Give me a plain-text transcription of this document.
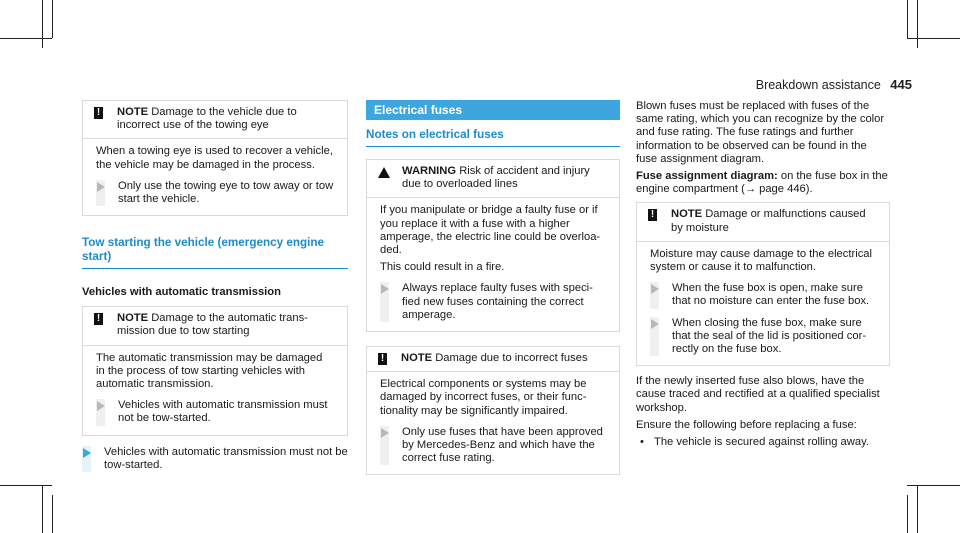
Breakdown assistance 445
! NOTE Damage to the vehicle due to incorrect use of the towing eye

When a towing eye is used to recover a vehicle, the vehicle may be damaged in the process.

Only use the towing eye to tow away or tow start the vehicle.
Tow starting the vehicle (emergency engine start)
Vehicles with automatic transmission
! NOTE Damage to the automatic transmission due to tow starting

The automatic transmission may be damaged in the process of tow starting vehicles with automatic transmission.

Vehicles with automatic transmission must not be tow-started.
Vehicles with automatic transmission must not be tow-started.
Electrical fuses
Notes on electrical fuses
WARNING Risk of accident and injury due to overloaded lines

If you manipulate or bridge a faulty fuse or if you replace it with a fuse with a higher amperage, the electric line could be overloaded.

This could result in a fire.

Always replace faulty fuses with specified new fuses containing the correct amperage.
! NOTE Damage due to incorrect fuses

Electrical components or systems may be damaged by incorrect fuses, or their functionality may be significantly impaired.

Only use fuses that have been approved by Mercedes-Benz and which have the correct fuse rating.

Blown fuses must be replaced with fuses of the same rating, which you can recognize by the color and fuse rating. The fuse ratings and further information to be observed can be found in the fuse assignment diagram.

Fuse assignment diagram: on the fuse box in the engine compartment (→ page 446).

! NOTE Damage or malfunctions caused by moisture

Moisture may cause damage to the electrical system or cause it to malfunction.

When the fuse box is open, make sure that no moisture can enter the fuse box.
When closing the fuse box, make sure that the seal of the lid is positioned correctly on the fuse box.

If the newly inserted fuse also blows, have the cause traced and rectified at a qualified specialist workshop.

Ensure the following before replacing a fuse:

• The vehicle is secured against rolling away.
